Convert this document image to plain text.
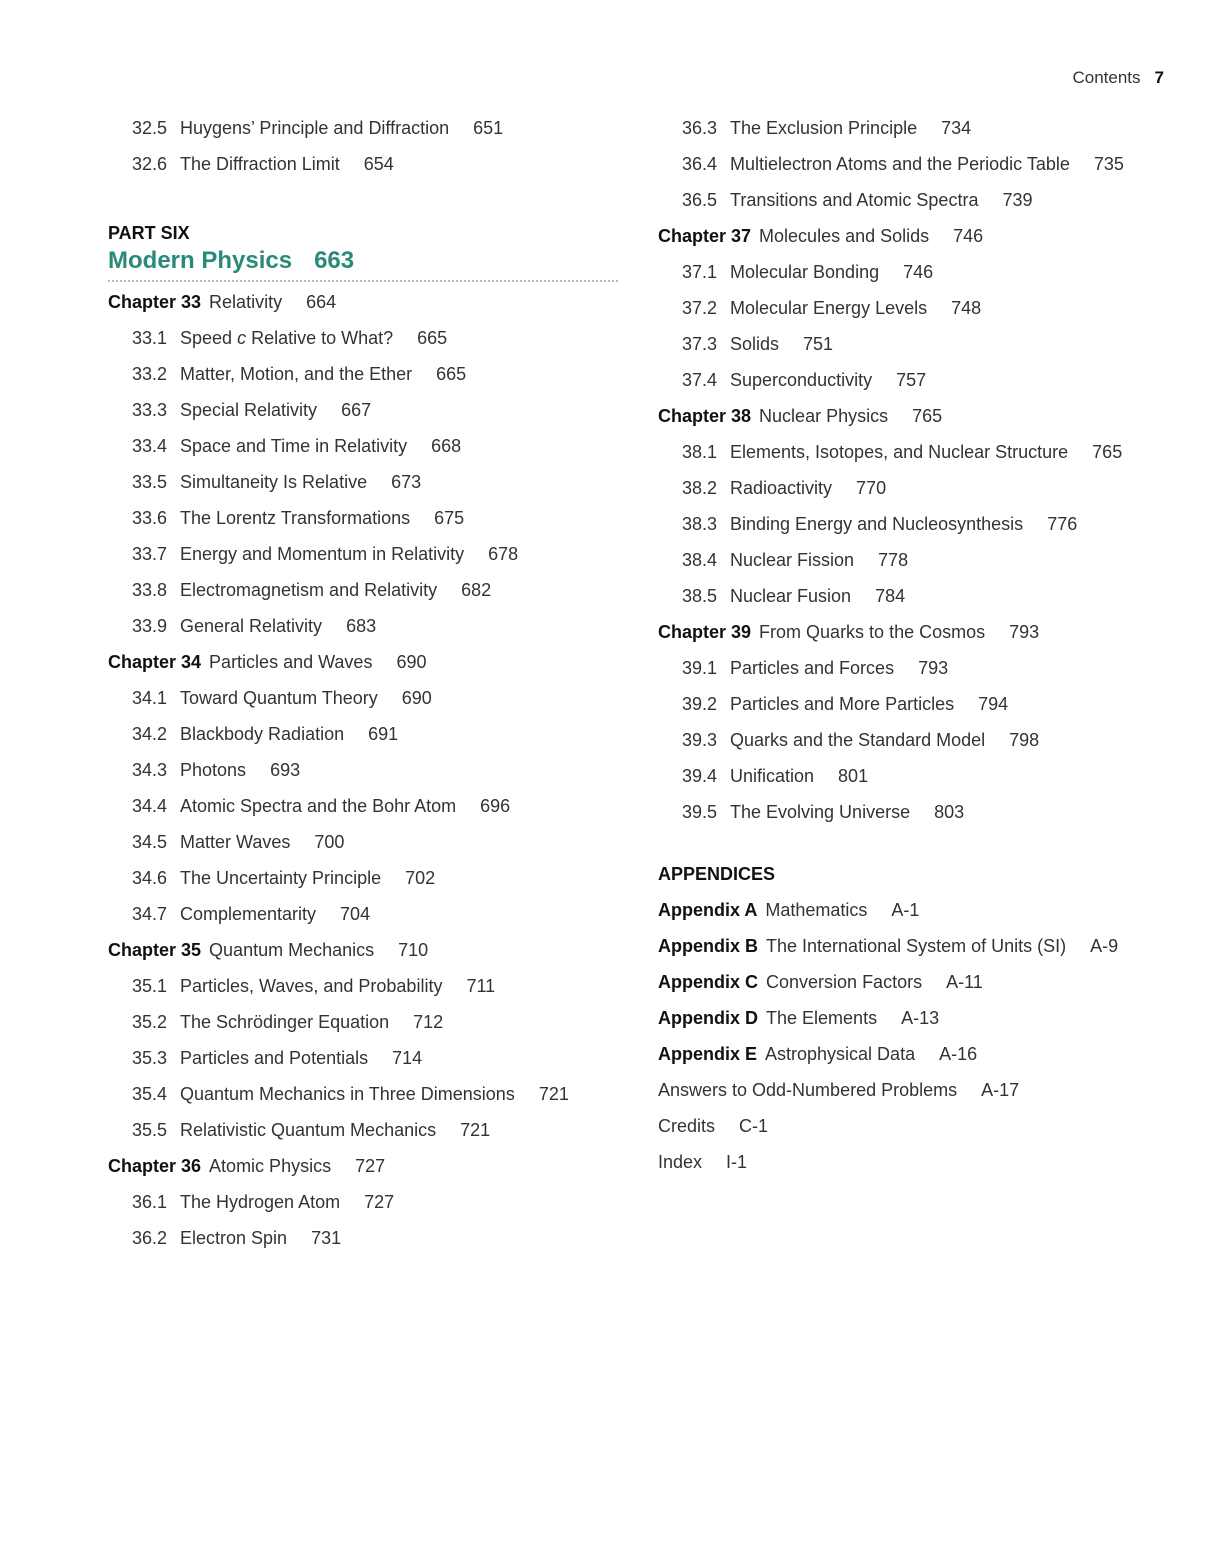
Contents 7
32.5 Huygens’ Principle and Diffraction 651
32.6 The Diffraction Limit 654
PART SIX
Modern Physics 663
Chapter 33 Relativity 664
33.1 Speed c Relative to What? 665
33.2 Matter, Motion, and the Ether 665
33.3 Special Relativity 667
33.4 Space and Time in Relativity 668
33.5 Simultaneity Is Relative 673
33.6 The Lorentz Transformations 675
33.7 Energy and Momentum in Relativity 678
33.8 Electromagnetism and Relativity 682
33.9 General Relativity 683
Chapter 34 Particles and Waves 690
34.1 Toward Quantum Theory 690
34.2 Blackbody Radiation 691
34.3 Photons 693
34.4 Atomic Spectra and the Bohr Atom 696
34.5 Matter Waves 700
34.6 The Uncertainty Principle 702
34.7 Complementarity 704
Chapter 35 Quantum Mechanics 710
35.1 Particles, Waves, and Probability 711
35.2 The Schrödinger Equation 712
35.3 Particles and Potentials 714
35.4 Quantum Mechanics in Three Dimensions 721
35.5 Relativistic Quantum Mechanics 721
Chapter 36 Atomic Physics 727
36.1 The Hydrogen Atom 727
36.2 Electron Spin 731
36.3 The Exclusion Principle 734
36.4 Multielectron Atoms and the Periodic Table 735
36.5 Transitions and Atomic Spectra 739
Chapter 37 Molecules and Solids 746
37.1 Molecular Bonding 746
37.2 Molecular Energy Levels 748
37.3 Solids 751
37.4 Superconductivity 757
Chapter 38 Nuclear Physics 765
38.1 Elements, Isotopes, and Nuclear Structure 765
38.2 Radioactivity 770
38.3 Binding Energy and Nucleosynthesis 776
38.4 Nuclear Fission 778
38.5 Nuclear Fusion 784
Chapter 39 From Quarks to the Cosmos 793
39.1 Particles and Forces 793
39.2 Particles and More Particles 794
39.3 Quarks and the Standard Model 798
39.4 Unification 801
39.5 The Evolving Universe 803
APPENDICES
Appendix A Mathematics A-1
Appendix B The International System of Units (SI) A-9
Appendix C Conversion Factors A-11
Appendix D The Elements A-13
Appendix E Astrophysical Data A-16
Answers to Odd-Numbered Problems A-17
Credits C-1
Index I-1
